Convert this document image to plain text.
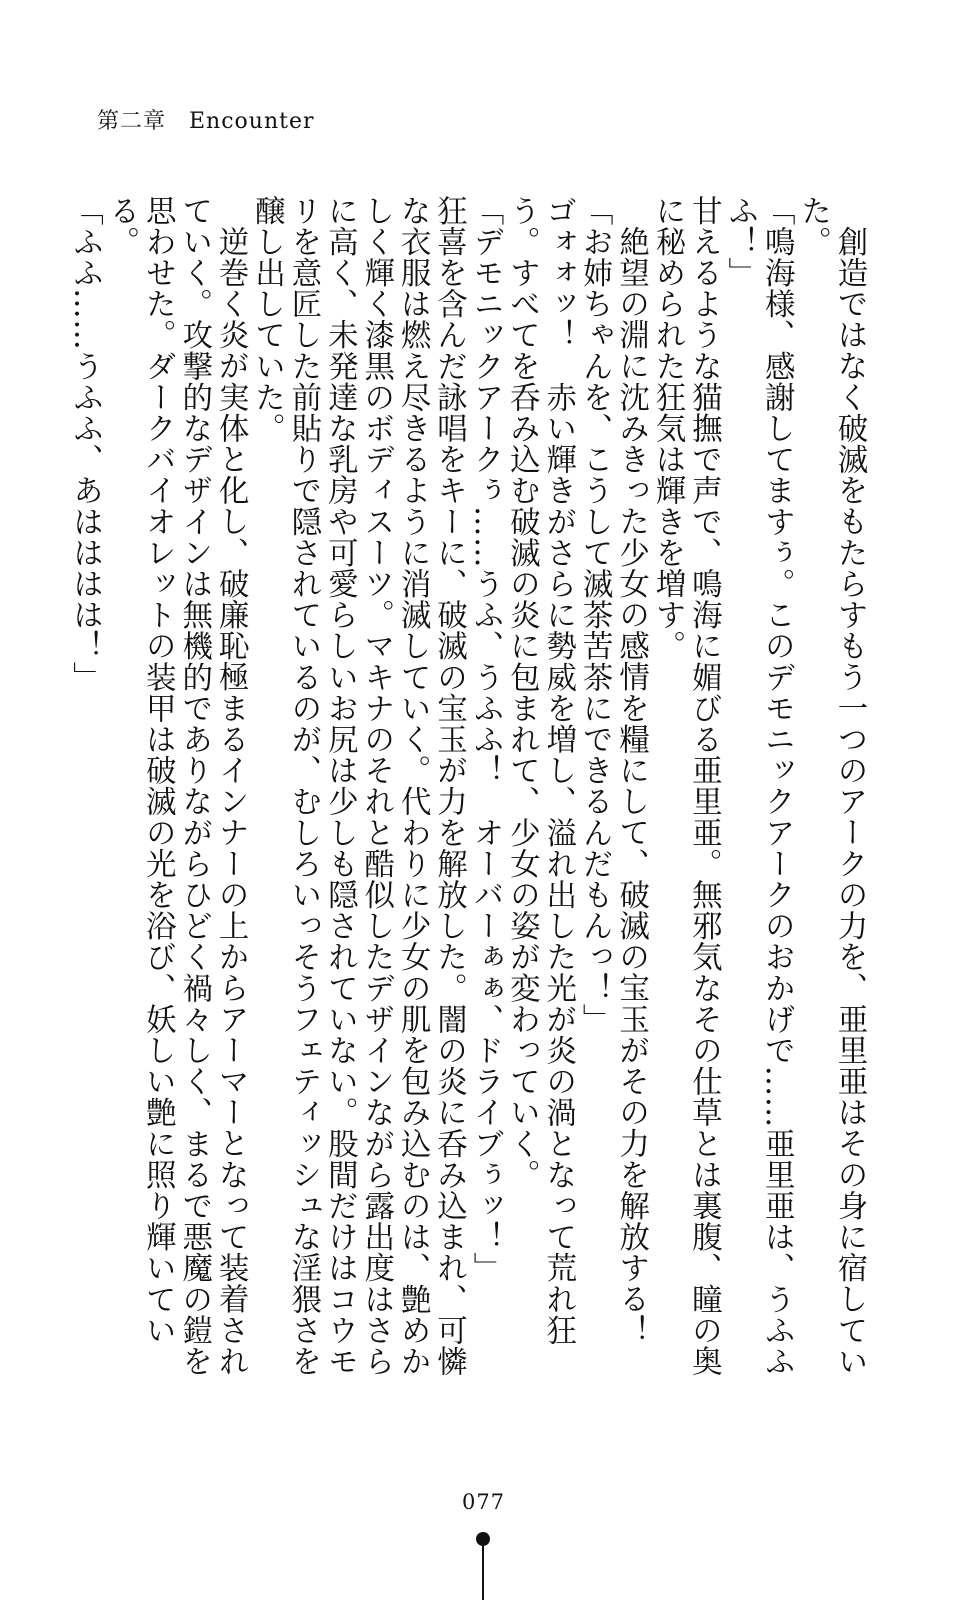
第二章　Encounter

創造ではなく破滅をもたらすもう一つのアークの力を、亜里亜はその身に宿していた。

「鳴海様、感謝してますぅ。このデモニックアークのおかげで……亜里亜は、うふふふ！」

甘えるような猫撫で声で、鳴海に媚びる亜里亜。無邪気なその仕草とは裏腹、瞳の奥に秘められた狂気は輝きを増す。

絶望の淵に沈みきった少女の感情を糧にして、破滅の宝玉がその力を解放する！

「お姉ちゃんを、こうして滅茶苦茶にできるんだもんっ！」

ゴォォッ！　赤い輝きがさらに勢威を増し、溢れ出した光が炎の渦となって荒れ狂う。すべてを呑み込む破滅の炎に包まれて、少女の姿が変わっていく。

「デモニックアークぅ……うふ、うふふ！　オーバーぁぁ、ドライブぅッ！」

狂喜を含んだ詠唱をキーに、破滅の宝玉が力を解放した。闇の炎に呑み込まれ、可憐な衣服は燃え尽きるように消滅していく。代わりに少女の肌を包み込むのは、艶めかしく輝く漆黒のボディスーツ。マキナのそれと酷似したデザインながら露出度はさらに高く、未発達な乳房や可愛らしいお尻は少しも隠されていない。股間だけはコウモリを意匠した前貼りで隠されているのが、むしろいっそうフェティッシュな淫猥さを醸し出していた。

逆巻く炎が実体と化し、破廉恥極まるインナーの上からアーマーとなって装着されていく。攻撃的なデザインは無機的でありながらひどく禍々しく、まるで悪魔の鎧を思わせた。ダークバイオレットの装甲は破滅の光を浴び、妖しい艶に照り輝いている。

「ふふ……うふふ、あはははは！」

077
